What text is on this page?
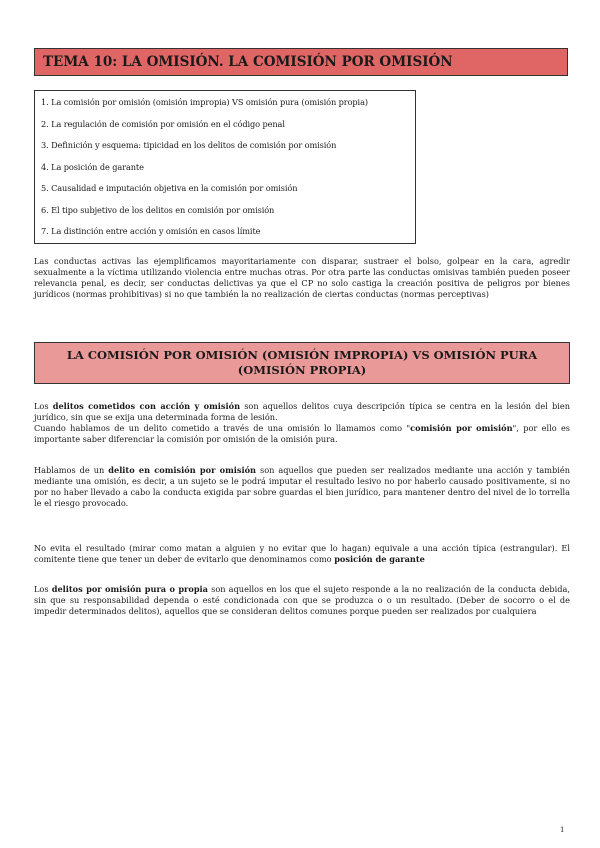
TEMA 10: LA OMISIÓN. LA COMISIÓN POR OMISIÓN
1. La comisión por omisión (omisión impropia) VS omisión pura (omisión propia)
2. La regulación de comisión por omisión en el código penal
3. Definición y esquema: tipicidad en los delitos de comisión por omisión
4. La posición de garante
5. Causalidad e imputación objetiva en la comisión por omisión
6. El tipo subjetivo de los delitos en comisión por omisión
7. La distinción entre acción y omisión en casos límite

Las conductas activas las ejemplificamos mayoritariamente con disparar, sustraer el bolso, golpear en la cara, agredir sexualmente a la víctima utilizando violencia entre muchas otras. Por otra parte las conductas omisivas también pueden poseer relevancia penal, es decir, ser conductas delictivas ya que el CP no solo castiga la creación positiva de peligros por bienes jurídicos (normas prohibitivas) si no que también la no realización de ciertas conductas (normas perceptivas)

LA COMISIÓN POR OMISIÓN (OMISIÓN IMPROPIA) VS OMISIÓN PURA
(OMISIÓN PROPIA)

Los delitos cometidos con acción y omisión son aquellos delitos cuya descripción típica se centra en la lesión del bien jurídico, sin que se exija una determinada forma de lesión.

Cuando hablamos de un delito cometido a través de una omisión lo llamamos como "comisión por omisión", por ello es importante saber diferenciar la comisión por omisión de la omisión pura.

Hablamos de un delito en comisión por omisión son aquellos que pueden ser realizados mediante una acción y también mediante una omisión, es decir, a un sujeto se le podrá imputar el resultado lesivo no por haberlo causado positivamente, si no por no haber llevado a cabo la conducta exigida par sobre guardas el bien jurídico, para mantener dentro del nivel de lo torrella le el riesgo provocado.

No evita el resultado (mirar como matan a alguien y no evitar que lo hagan) equivale a una acción típica (estrangular). El comitente tiene que tener un deber de evitarlo que denominamos como posición de garante

Los delitos por omisión pura o propia son aquellos en los que el sujeto responde a la no realización de la conducta debida, sin que su responsabilidad dependa o esté condicionada con que se produzca o o un resultado. (Deber de socorro o el de impedir determinados delitos), aquellos que se consideran delitos comunes porque pueden ser realizados por cualquiera

1
